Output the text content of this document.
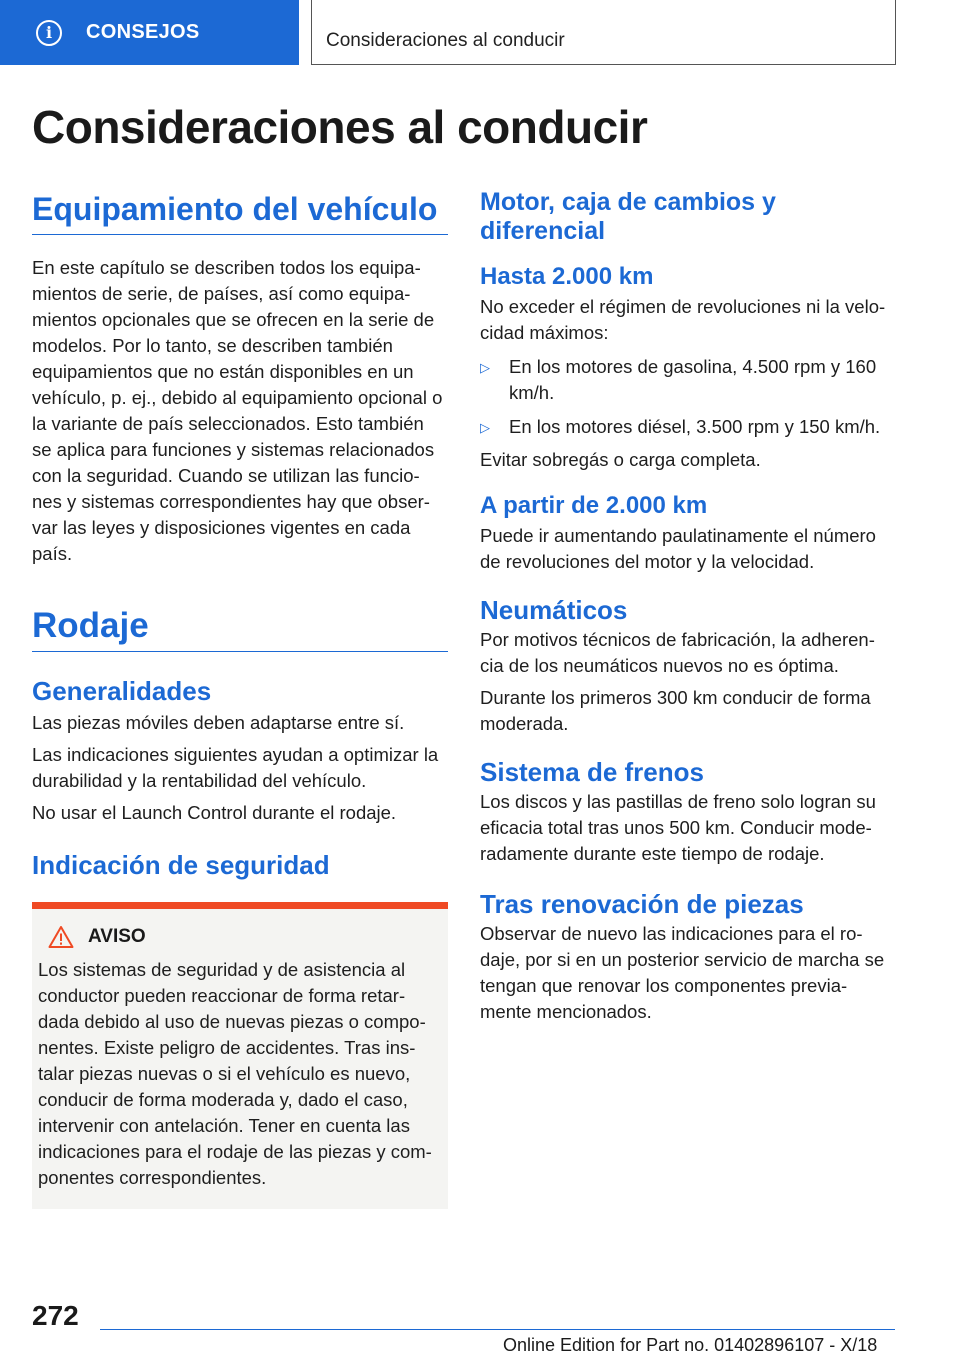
i	CONSEJOS	Consideraciones al conducir
Consideraciones al conducir
Equipamiento del vehículo

En este capítulo se describen todos los equipa-mientos de serie, de países, así como equipa-mientos opcionales que se ofrecen en la serie de modelos. Por lo tanto, se describen también equipamientos que no están disponibles en un vehículo, p. ej., debido al equipamiento opcional o la variante de país seleccionados. Esto también se aplica para funciones y sistemas relacionados con la seguridad. Cuando se utilizan las funcio-nes y sistemas correspondientes hay que obser-var las leyes y disposiciones vigentes en cada país.

Rodaje
Generalidades

Las piezas móviles deben adaptarse entre sí.

Las indicaciones siguientes ayudan a optimizar la durabilidad y la rentabilidad del vehículo.

No usar el Launch Control durante el rodaje.

Indicación de seguridad
AVISO

Los sistemas de seguridad y de asistencia al conductor pueden reaccionar de forma retar-dada debido al uso de nuevas piezas o compo-nentes. Existe peligro de accidentes. Tras ins-talar piezas nuevas o si el vehículo es nuevo, conducir de forma moderada y, dado el caso, intervenir con antelación. Tener en cuenta las indicaciones para el rodaje de las piezas y com-ponentes correspondientes.

Motor, caja de cambios y diferencial
Hasta 2.000 km

No exceder el régimen de revoluciones ni la velo-cidad máximos:

▷	En los motores de gasolina, 4.500 rpm y 160 km/h.
▷	En los motores diésel, 3.500 rpm y 150 km/h.

Evitar sobregás o carga completa.

A partir de 2.000 km

Puede ir aumentando paulatinamente el número de revoluciones del motor y la velocidad.

Neumáticos

Por motivos técnicos de fabricación, la adheren-cia de los neumáticos nuevos no es óptima.

Durante los primeros 300 km conducir de forma moderada.

Sistema de frenos

Los discos y las pastillas de freno solo logran su eficacia total tras unos 500 km. Conducir mode-radamente durante este tiempo de rodaje.

Tras renovación de piezas

Observar de nuevo las indicaciones para el ro-daje, por si en un posterior servicio de marcha se tengan que renovar los componentes previa-mente mencionados.

272
Online Edition for Part no. 01402896107 - X/18
